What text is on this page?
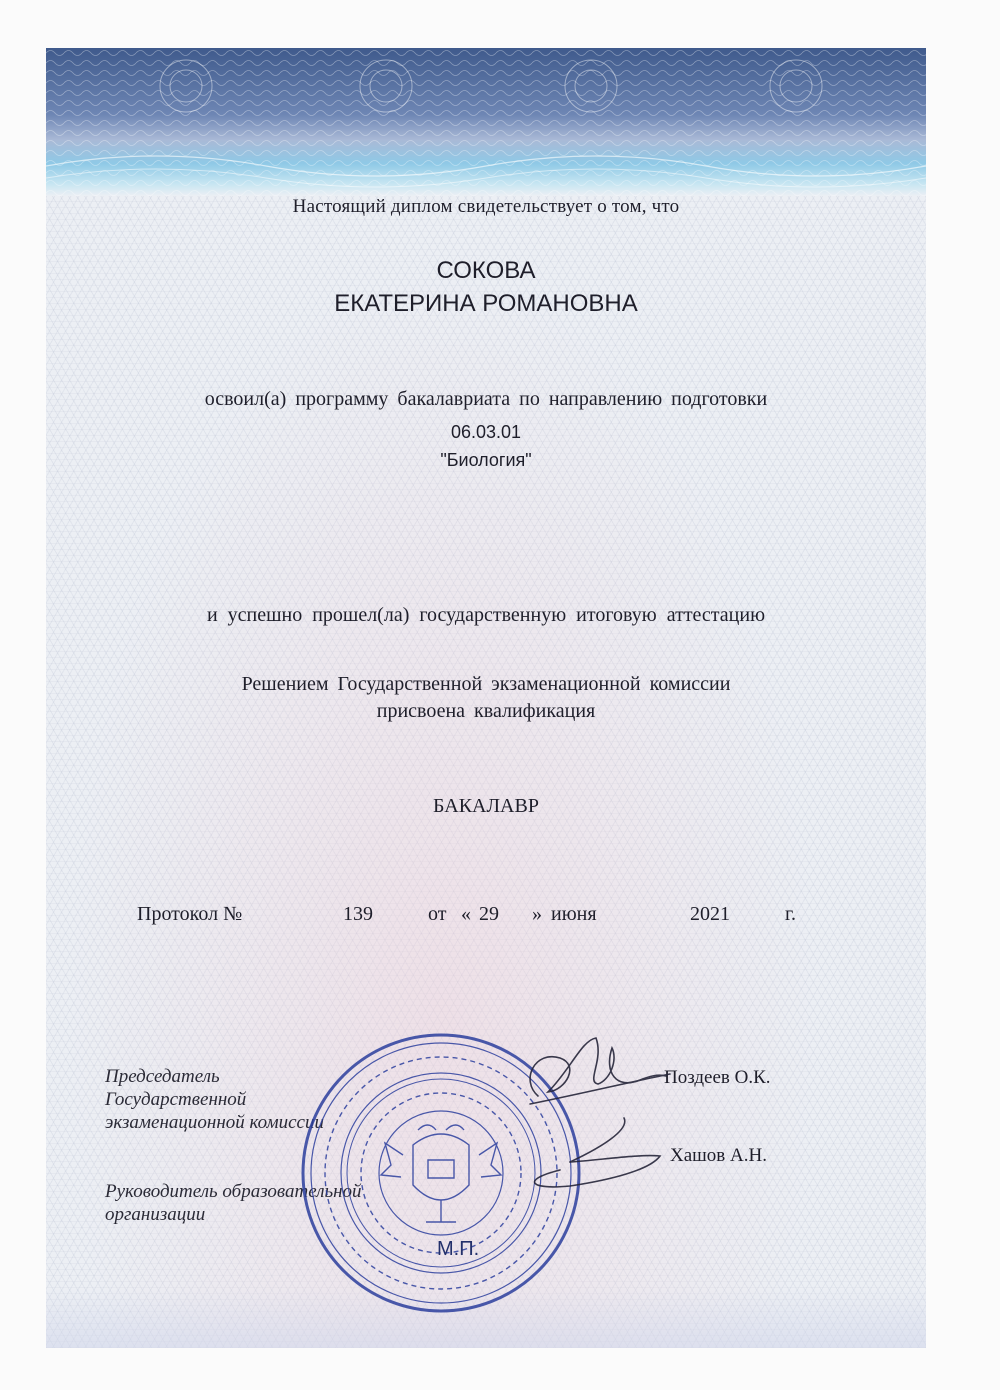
Настоящий диплом свидетельствует о том, что
СОКОВА
ЕКАТЕРИНА РОМАНОВНА
освоил(а) программу бакалавриата по направлению подготовки
06.03.01
"Биология"
и успешно прошел(ла) государственную итоговую аттестацию
Решением Государственной экзаменационной комиссии
присвоена квалификация
БАКАЛАВР
Протокол №	139	от « 29 » июня	2021	г.
Председатель
Государственной
экзаменационной комиссии
Руководитель образовательной
организации
Поздеев О.К.
Хашов А.Н.
М.П.
